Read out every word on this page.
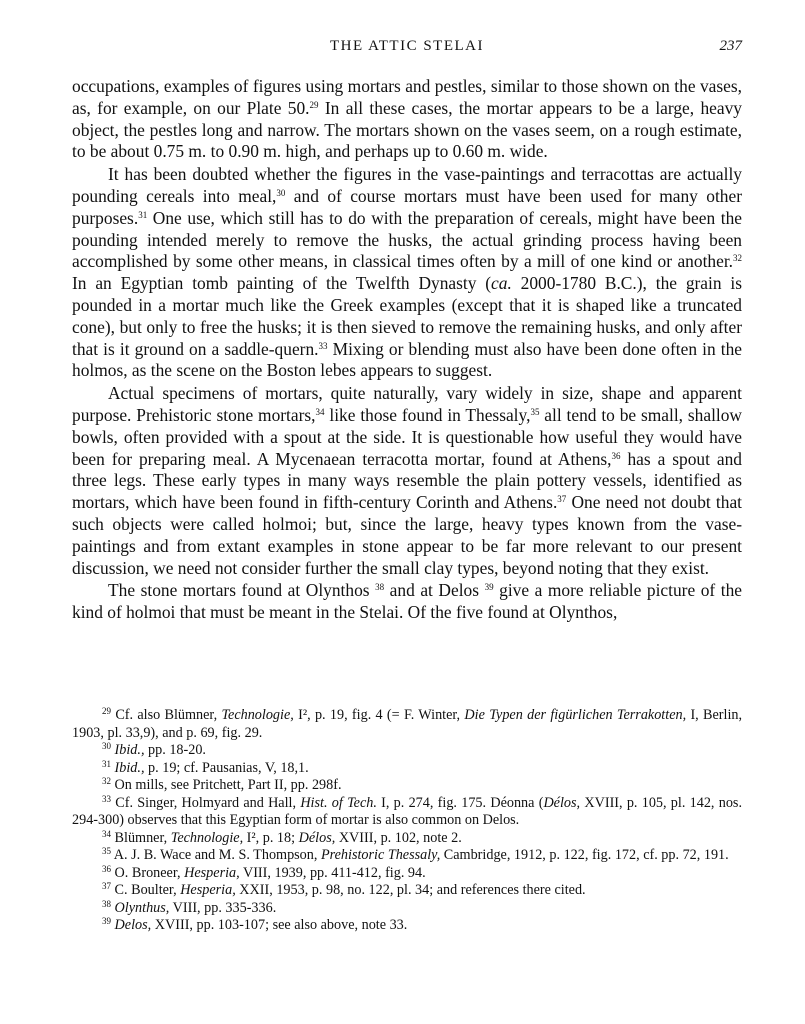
THE ATTIC STELAI	237

occupations, examples of figures using mortars and pestles, similar to those shown on the vases, as, for example, on our Plate 50.29 In all these cases, the mortar appears to be a large, heavy object, the pestles long and narrow. The mortars shown on the vases seem, on a rough estimate, to be about 0.75 m. to 0.90 m. high, and perhaps up to 0.60 m. wide.

It has been doubted whether the figures in the vase-paintings and terracottas are actually pounding cereals into meal,$^{30}$ and of course mortars must have been used for many other purposes.$^{31}$ One use, which still has to do with the preparation of cereals, might have been the pounding intended merely to remove the husks, the actual grinding process having been accomplished by some other means, in classical times often by a mill of one kind or another.$^{32}$ In an Egyptian tomb painting of the Twelfth Dynasty (ca. 2000-1780 B.C.), the grain is pounded in a mortar much like the Greek examples (except that it is shaped like a truncated cone), but only to free the husks; it is then sieved to remove the remaining husks, and only after that is it ground on a saddle-quern.$^{33}$ Mixing or blending must also have been done often in the holmos, as the scene on the Boston lebes appears to suggest.

Actual specimens of mortars, quite naturally, vary widely in size, shape and apparent purpose. Prehistoric stone mortars,$^{34}$ like those found in Thessaly,$^{35}$ all tend to be small, shallow bowls, often provided with a spout at the side. It is questionable how useful they would have been for preparing meal. A Mycenaean terracotta mortar, found at Athens,$^{36}$ has a spout and three legs. These early types in many ways resemble the plain pottery vessels, identified as mortars, which have been found in fifth-century Corinth and Athens.$^{37}$ One need not doubt that such objects were called holmoi; but, since the large, heavy types known from the vase-paintings and from extant examples in stone appear to be far more relevant to our present discussion, we need not consider further the small clay types, beyond noting that they exist.

The stone mortars found at Olynthos $^{38}$ and at Delos $^{39}$ give a more reliable picture of the kind of holmoi that must be meant in the Stelai. Of the five found at Olynthos,

$^{29}$ Cf. also Blümner, Technologie, I², p. 19, fig. 4 (= F. Winter, Die Typen der figürlichen Terrakotten, I, Berlin, 1903, pl. 33,9), and p. 69, fig. 29.

$^{30}$ Ibid., pp. 18-20.

$^{31}$ Ibid., p. 19; cf. Pausanias, V, 18,1.

$^{32}$ On mills, see Pritchett, Part II, pp. 298f.

$^{33}$ Cf. Singer, Holmyard and Hall, Hist. of Tech. I, p. 274, fig. 175. Déonna (Délos, XVIII, p. 105, pl. 142, nos. 294-300) observes that this Egyptian form of mortar is also common on Delos.

$^{34}$ Blümner, Technologie, I², p. 18; Délos, XVIII, p. 102, note 2.

$^{35}$ A. J. B. Wace and M. S. Thompson, Prehistoric Thessaly, Cambridge, 1912, p. 122, fig. 172, cf. pp. 72, 191.

$^{36}$ O. Broneer, Hesperia, VIII, 1939, pp. 411-412, fig. 94.

$^{37}$ C. Boulter, Hesperia, XXII, 1953, p. 98, no. 122, pl. 34; and references there cited.

$^{38}$ Olynthus, VIII, pp. 335-336.

$^{39}$ Delos, XVIII, pp. 103-107; see also above, note 33.
